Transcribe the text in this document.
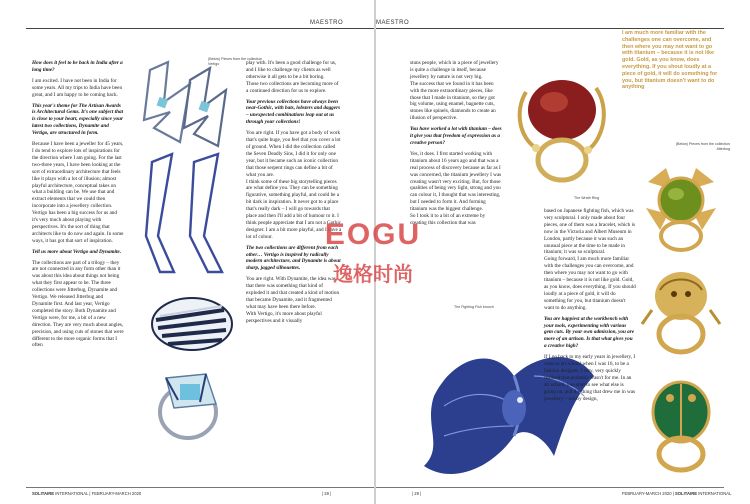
MAESTRO

How does it feel to be back in India after a long time?

I am excited. I have not been in India for some years. All my trips to India have been great, and I am happy to be coming back.

This year's theme for The Artisan Awards is Architectural Gems. It's one subject that is close to your heart, especially since your latest two collections, Dynamite and Vertigo, are structured in form.

Because I have been a jeweller for 45 years, I do tend to explore lots of inspirations for the direction where I am going. For the last two-three years, I have been looking at the sort of extraordinary architecture that feels like it plays with a lot of illusion; almost playful architecture, conceptual takes on what a building can be. We use that and extract elements that we could then incorporate into a jewellery collection. Vertigo has been a big success for us and it's very much about playing with perspectives. It's the sort of thing that architects like to do now and again. In some ways, it has got that sort of inspiration.

Tell us more about Vertigo and Dynamite.

The collections are part of a trilogy – they are not connected in any form other than it was about this idea about things not being what they first appear to be. The three collections were Jitterbug, Dynamite and Vertigo. We released Jitterbug and Dynamite first. And last year, Vertigo completed the story. Both Dynamite and Vertigo were, for me, a bit of a new direction. They are very much about angles, precision, and using cuts of stones that were different to the more organic forms that I often

(Below) Pieces from the collection Vertigo	play with. It's been a good challenge for us, and I like to challenge my clients as well otherwise it all gets to be a bit boring.

Those two collections are becoming more of a continued direction for us to explore.

Your previous collections have always been near-Gothic, with bats, lobsters and daggers – unexpected combinations leap out at us through your collections!

You are right. If you have got a body of work that's quite huge, you feel that you cover a lot of ground. When I did the collection called the Seven Deadly Sins, I did it for only one year, but it became such an iconic collection that those serpent rings can define a bit of what you are.

I think some of these big storytelling pieces are what define you. They can be something figurative, something playful, and could be a bit dark in inspiration. It never got to a place that's really dark – I will go towards that place and then I'll add a bit of humour to it. I think people appreciate that I am not a Gothic designer. I am a bit more playful, and I have a lot of colour.

The two collections are different from each other… Vertigo is inspired by radically modern architecture, and Dynamite is about sharp, jagged silhouettes.

You are right. With Dynamite, the idea was that there was something that kind of exploded it and that created a kind of motion that became Dynamite, and it fragmented what may have been there before.

With Vertigo, it's more about playful perspectives and it visually

SOLITAIRE INTERNATIONAL | FEBRUARY-MARCH 2020	| 28 |
MAESTRO

stuns people, which in a piece of jewellery is quite a challenge in itself, because jewellery by nature is not very big.

The success that we found in it has been with the more extraordinary pieces, like those that I made in titanium, so they got big volume, using enamel, baguette cuts, stones like spinels, diamonds to create an illusion of perspective.

You have worked a lot with titanium – does it give you that freedom of expression as a creative person?

Yes, it does. I first started working with titanium about 16 years ago and that was a real process of discovery because as far as I was concerned, the titanium jewellery I was creating wasn't very exciting. But, for those qualities of being very light, strong and you can colour it, I thought that was interesting, but I needed to form it. And forming titanium was the biggest challenge.

So I took it to a bit of an extreme by creating this collection that was

The Wrath Ring
The Fighting Fish brooch

based on Japanese fighting fish, which was very sculptural. I only made about four pieces, one of them was a bracelet, which is now in the Victoria and Albert Museum in London, partly because it was such an unusual piece at the time to be made in titanium; it was so sculptural.

Going forward, I am much more familiar with the challenges you can overcome, and then where you may not want to go with titanium – because it is not like gold. Gold, as you know, does everything. If you should loudly at a piece of gold, it will do something for you, but titanium doesn't want to do anything.

You are happiest at the workbench with your tools, experimenting with various gem cuts. By your own admission, you are more of an artisan. Is that what gives you a creative high?

If I go back to my early years in jewellery, I went to art school when I was 16, to be a fashion designer. I very, very quickly realised that probably wasn't for me. In an art school, you start to see what else is going on, and the thing that drew me in was jewellery – not by design,

I am much more familiar with the challenges one can overcome, and then where you may not want to go with titanium – because it is not like gold. Gold, as you know, does everything. If you shout loudly at a piece of gold, it will do something for you, but titanium doesn't want to do anything
(Below) Pieces from the collection Jitterbug
| 29 |	FEBRUARY-MARCH 2020 | SOLITAIRE INTERNATIONAL
EOGU
逸格时尚
